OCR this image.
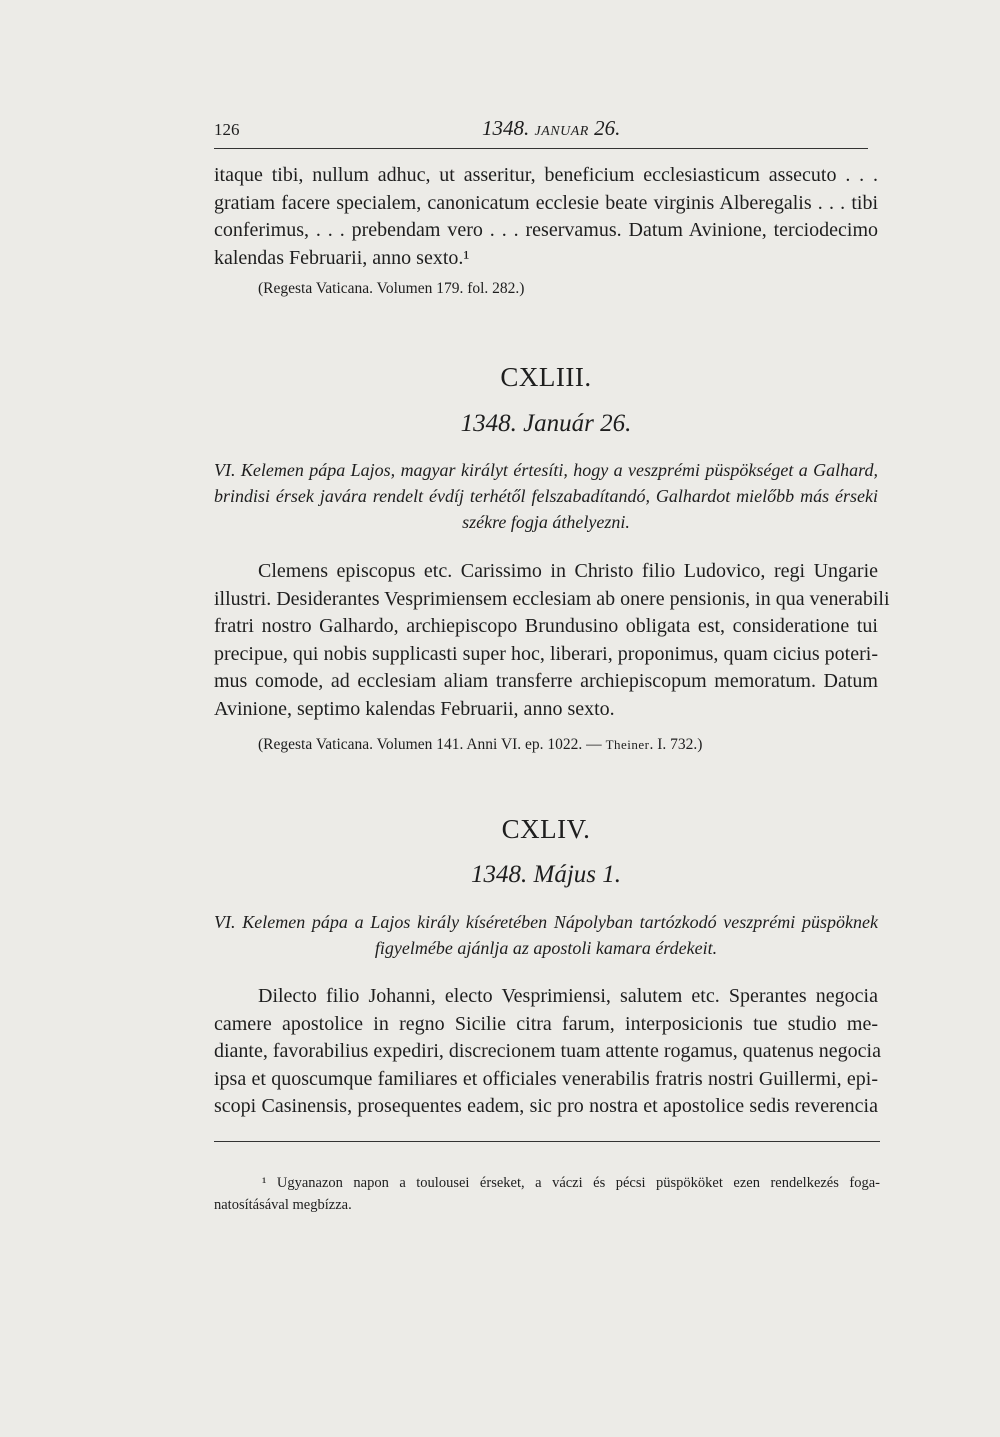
126	1348. JANUAR 26.
itaque tibi, nullum adhuc, ut asseritur, beneficium ecclesiasticum assecuto . . .
gratiam facere specialem, canonicatum ecclesie beate virginis Alberegalis . . . tibi
conferimus, . . . prebendam vero . . . reservamus. Datum Avinione, terciodecimo
kalendas Februarii, anno sexto.¹
(Regesta Vaticana. Volumen 179. fol. 282.)
CXLIII.
1348. Január 26.
VI. Kelemen pápa Lajos, magyar királyt értesíti, hogy a veszprémi püspökséget a Galhard,
brindisi érsek javára rendelt évdíj terhétől felszabadítandó, Galhardot mielőbb más érseki
székre fogja áthelyezni.
Clemens episcopus etc. Carissimo in Christo filio Ludovico, regi Ungarie
illustri. Desiderantes Vesprimiensem ecclesiam ab onere pensionis, in qua venerabili
fratri nostro Galhardo, archiepiscopo Brundusino obligata est, consideratione tui
precipue, qui nobis supplicasti super hoc, liberari, proponimus, quam cicius poteri-
mus comode, ad ecclesiam aliam transferre archiepiscopum memoratum. Datum
Avinione, septimo kalendas Februarii, anno sexto.
(Regesta Vaticana. Volumen 141. Anni VI. ep. 1022. — Theiner. I. 732.)
CXLIV.
1348. Május 1.
VI. Kelemen pápa a Lajos király kíséretében Nápolyban tartózkodó veszprémi püspöknek
figyelmébe ajánlja az apostoli kamara érdekeit.
Dilecto filio Johanni, electo Vesprimiensi, salutem etc. Sperantes negocia
camere apostolice in regno Sicilie citra farum, interposicionis tue studio me-
diante, favorabilius expediri, discrecionem tuam attente rogamus, quatenus negocia
ipsa et quoscumque familiares et officiales venerabilis fratris nostri Guillermi, epi-
scopi Casinensis, prosequentes eadem, sic pro nostra et apostolice sedis reverencia
¹ Ugyanazon napon a toulousei érseket, a váczi és pécsi püspököket ezen rendelkezés foga-
natosításával megbízza.
